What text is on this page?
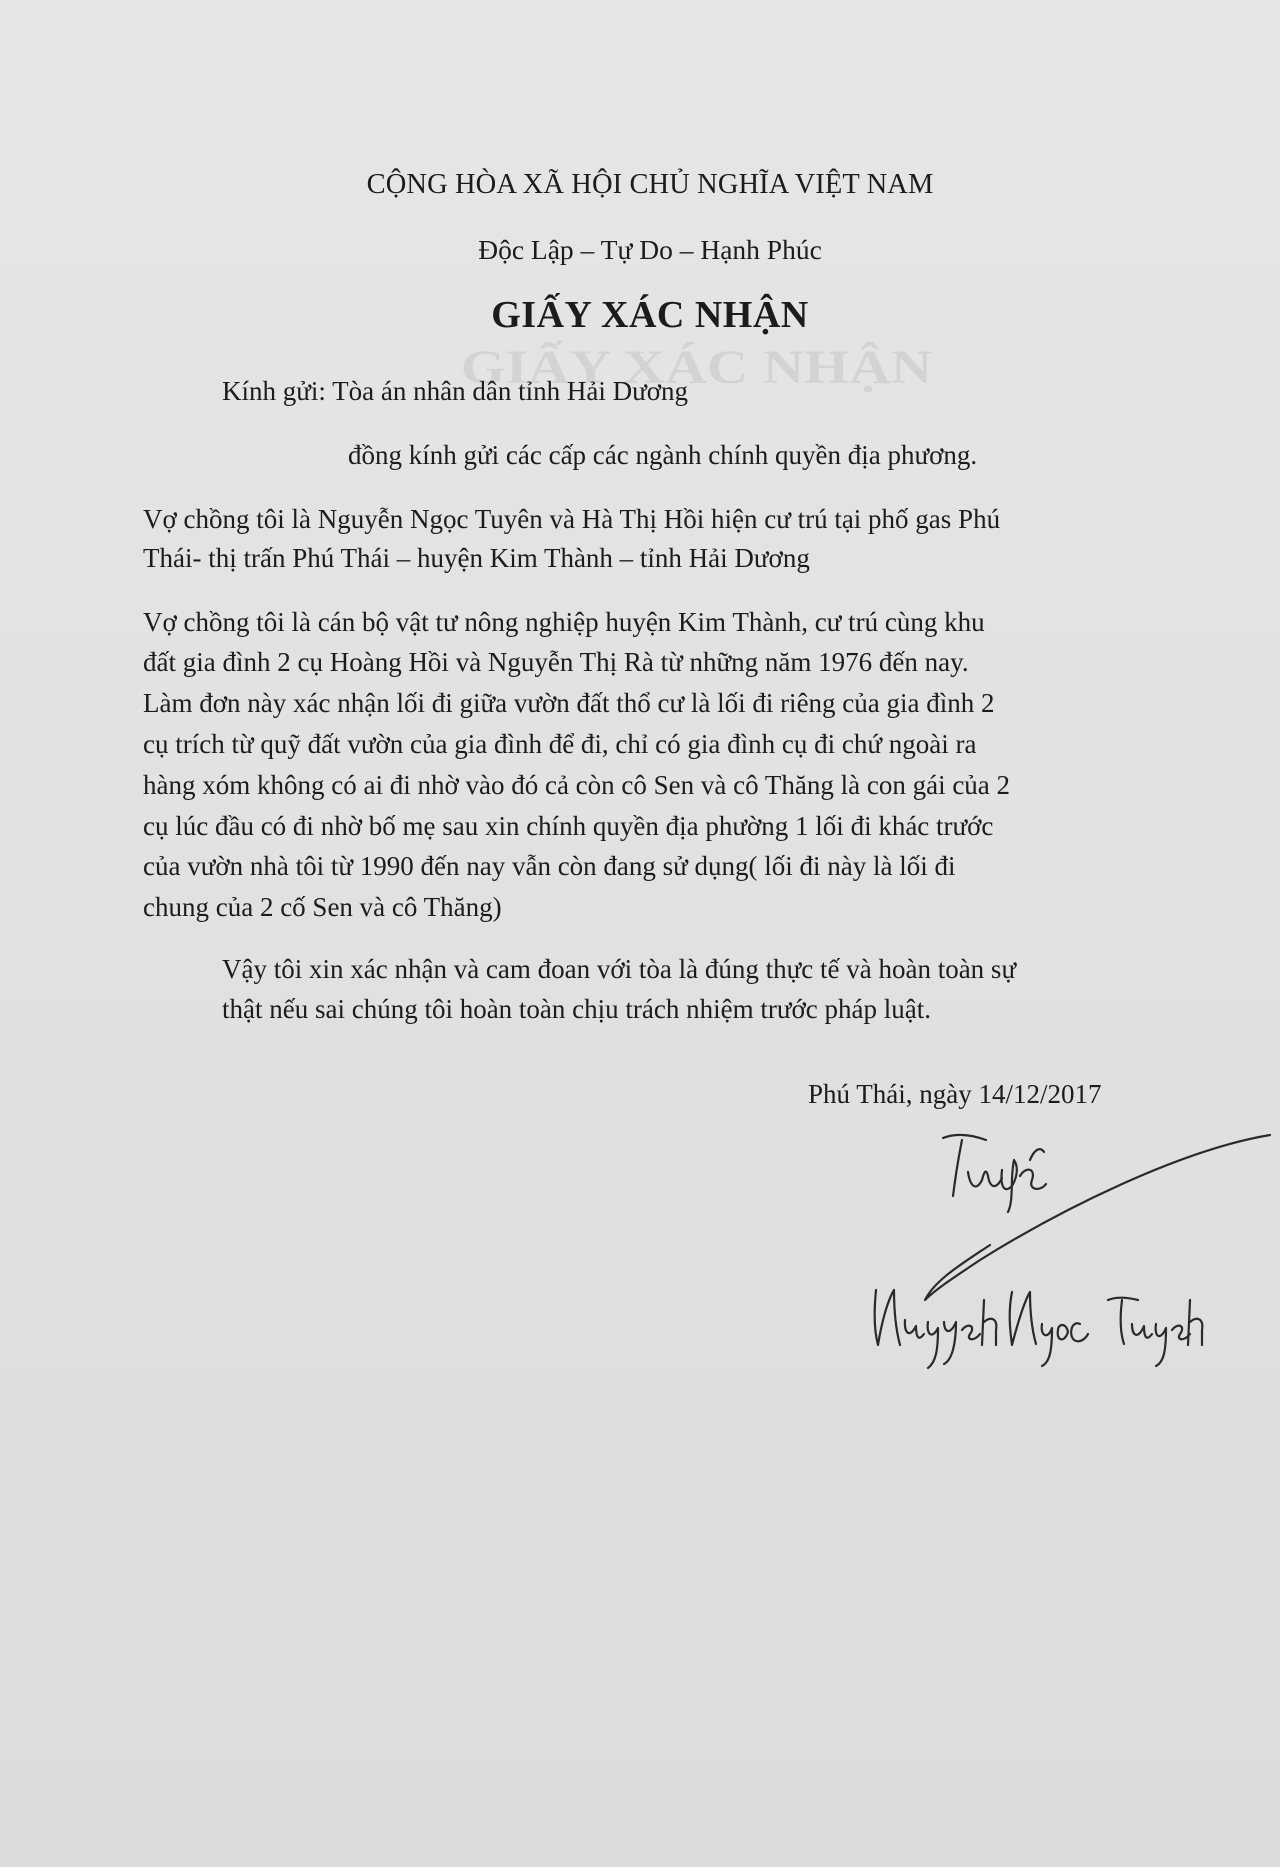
GIẤY XÁC NHẬN
CỘNG HÒA XÃ HỘI CHỦ NGHĨA VIỆT NAM
Độc Lập – Tự Do – Hạnh Phúc
GIẤY XÁC NHẬN
Kính gửi: Tòa án nhân dân tỉnh Hải Dương
đồng kính gửi các cấp các ngành chính quyền địa phương.
Vợ chồng tôi là Nguyễn Ngọc Tuyên và Hà Thị Hồi hiện cư trú tại phố gas Phú
Thái- thị trấn Phú Thái – huyện Kim Thành – tỉnh Hải Dương
Vợ chồng tôi là cán bộ vật tư nông nghiệp huyện Kim Thành, cư trú cùng khu
đất gia đình 2 cụ Hoàng Hồi và Nguyễn Thị Rà từ những năm 1976 đến nay.
Làm đơn này xác nhận lối đi giữa vườn đất thổ cư là lối đi riêng của gia đình 2
cụ trích từ quỹ đất vườn của gia đình để đi, chỉ có gia đình cụ đi chứ ngoài ra
hàng xóm không có ai đi nhờ vào đó cả còn cô Sen và cô Thăng là con gái của 2
cụ lúc đầu có đi nhờ bố mẹ sau xin chính quyền địa phường 1 lối đi khác trước
của vườn nhà tôi từ 1990 đến nay vẫn còn đang sử dụng( lối đi này là lối đi
chung của 2 cố Sen và cô Thăng)
Vậy tôi xin xác nhận và cam đoan với tòa là đúng thực tế và hoàn toàn sự
thật nếu sai chúng tôi hoàn toàn chịu trách nhiệm trước pháp luật.
Phú Thái, ngày 14/12/2017
